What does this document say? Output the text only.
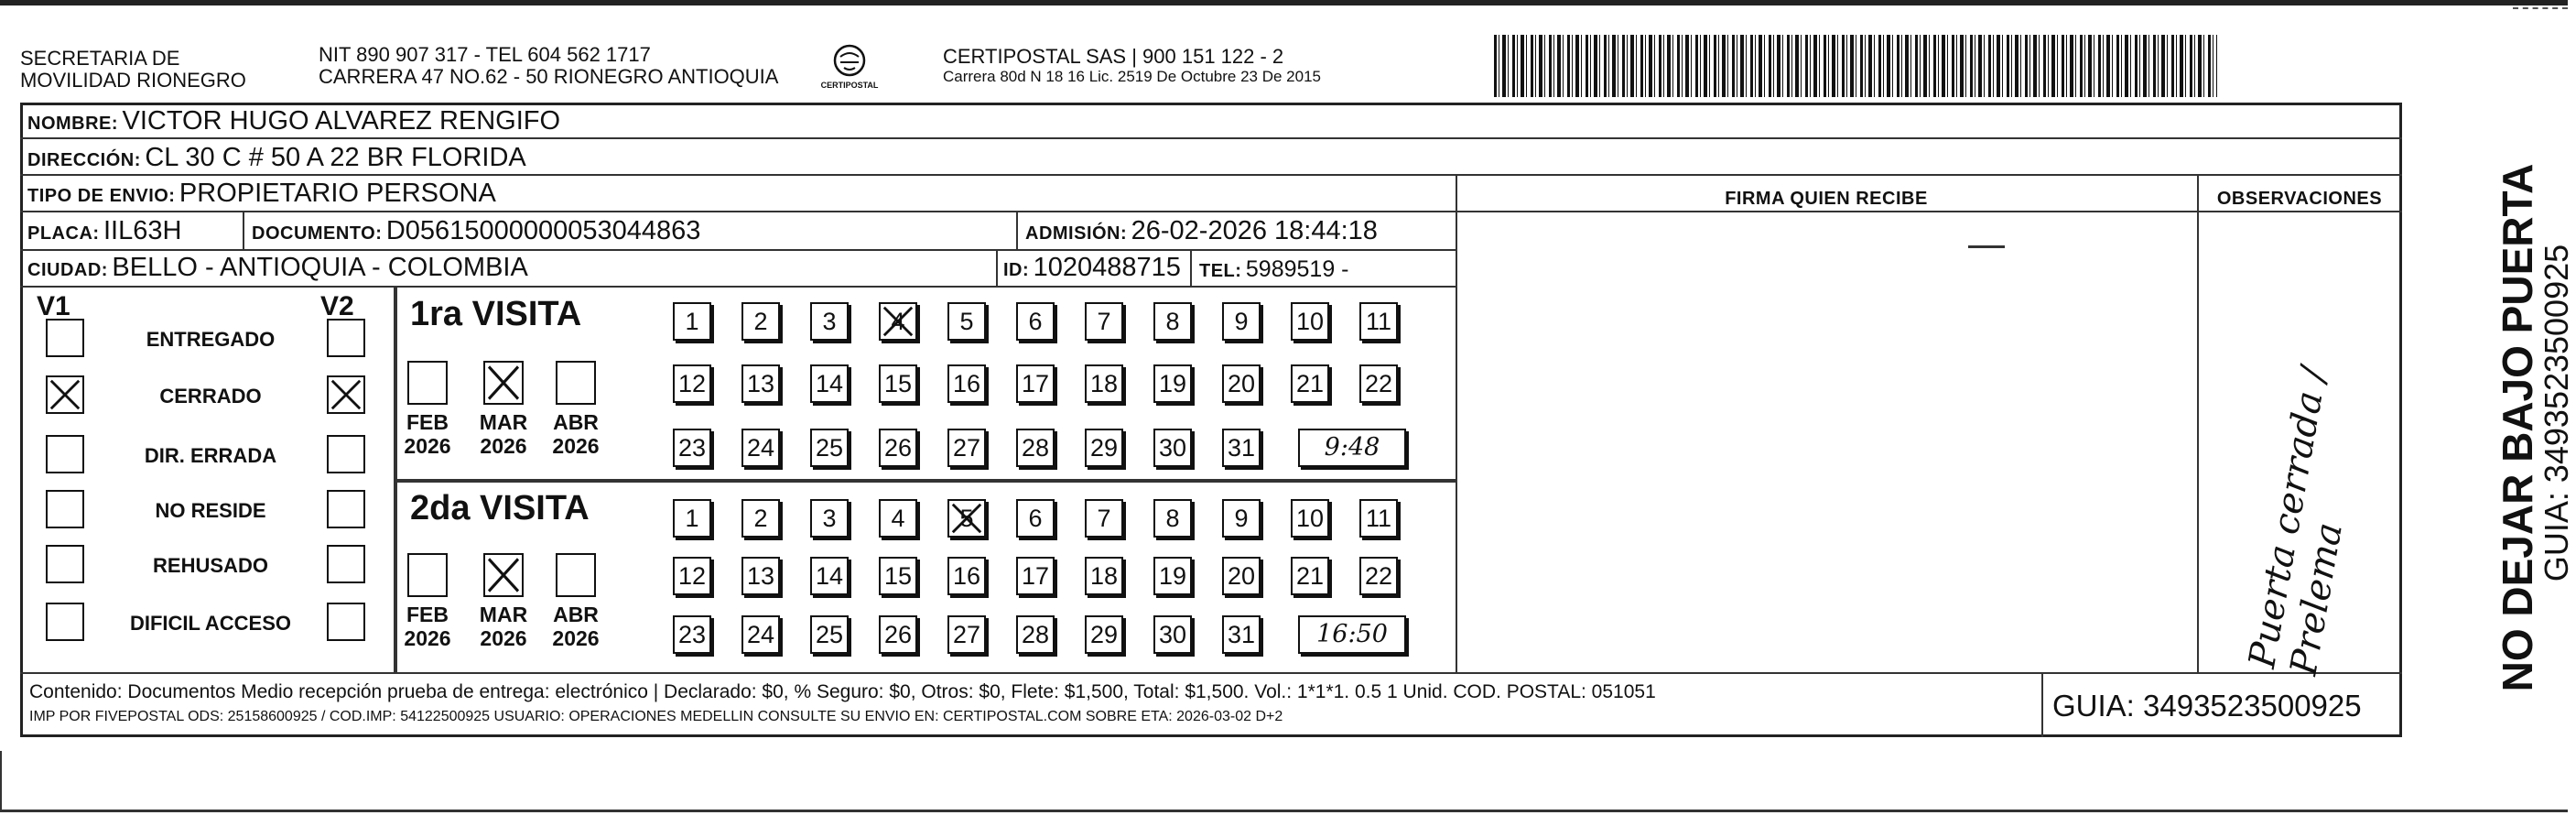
SECRETARIA DE
MOVILIDAD RIONEGRO
NIT 890 907 317 - TEL 604 562 1717
CARRERA 47 NO.62 - 50 RIONEGRO ANTIOQUIA	CERTIPOSTAL
CERTIPOSTAL SAS | 900 151 122 - 2
Carrera 80d N 18 16 Lic. 2519 De Octubre 23 De 2015
FIRMA QUIEN RECIBE	OBSERVACIONES
NOMBRE: VICTOR HUGO ALVAREZ RENGIFO
DIRECCIÓN: CL 30 C # 50 A 22 BR FLORIDA
TIPO DE ENVIO: PROPIETARIO PERSONA
PLACA: IIL63H	DOCUMENTO: D05615000000053044863	ADMISIÓN: 26-02-2026 18:44:18
CIUDAD: BELLO - ANTIOQUIA - COLOMBIA	ID: 1020488715 TEL: 5989519 -
V1	V2
ENTREGADO
CERRADO
DIR. ERRADA
NO RESIDE
REHUSADO
DIFICIL ACCESO
1ra VISITA
FEB
2026
MAR
2026
ABR
2026
1	2	3	4	5	6	7	8	9	10 11
12 13 14 15 16 17 18 19 20 21 22
23 24 25 26 27 28 29 30 31	9:48
2da VISITA
FEB
2026
MAR
2026
ABR
2026
1	2	3	4	5	6	7	8	9	10 11
12 13 14 15 16 17 18 19 20 21 22
23 24 25 26 27 28 29 30 31	16:50	Puerta cerrada / Prelema	NO DEJAR BAJO PUERTA
GUIA: 3493523500925
Contenido: Documentos Medio recepción prueba de entrega: electrónico | Declarado: $0, % Seguro: $0, Otros: $0, Flete: $1,500, Total: $1,500. Vol.: 1*1*1. 0.5 1 Unid. COD. POSTAL: 051051
IMP POR FIVEPOSTAL ODS: 25158600925 / COD.IMP: 54122500925 USUARIO: OPERACIONES MEDELLIN CONSULTE SU ENVIO EN: CERTIPOSTAL.COM SOBRE ETA: 2026-03-02 D+2	GUIA: 3493523500925
